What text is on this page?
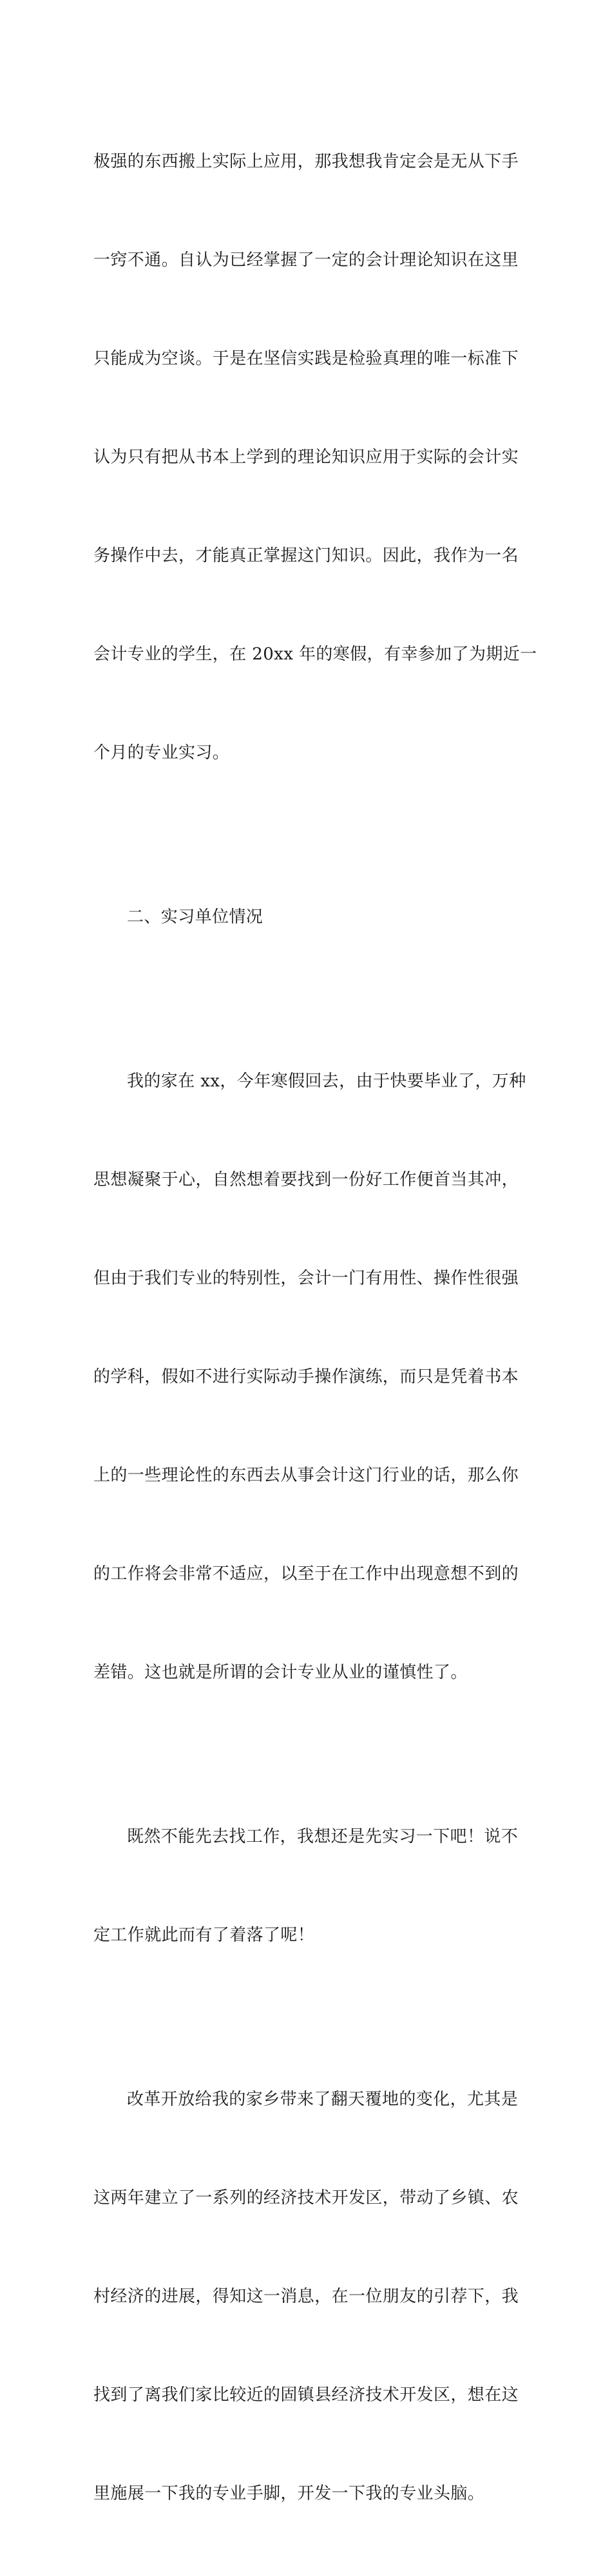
极强的东西搬上实际上应用，那我想我肯定会是无从下手

一窍不通。自认为已经掌握了一定的会计理论知识在这里

只能成为空谈。于是在坚信实践是检验真理的唯一标准下

认为只有把从书本上学到的理论知识应用于实际的会计实

务操作中去，才能真正掌握这门知识。因此，我作为一名

会计专业的学生，在 20xx 年的寒假，有幸参加了为期近一

个月的专业实习。

二、实习单位情况

我的家在 xx，今年寒假回去，由于快要毕业了，万种

思想凝聚于心，自然想着要找到一份好工作便首当其冲，

但由于我们专业的特别性，会计一门有用性、操作性很强

的学科，假如不进行实际动手操作演练，而只是凭着书本

上的一些理论性的东西去从事会计这门行业的话，那么你

的工作将会非常不适应，以至于在工作中出现意想不到的

差错。这也就是所谓的会计专业从业的谨慎性了。

既然不能先去找工作，我想还是先实习一下吧！说不

定工作就此而有了着落了呢！

改革开放给我的家乡带来了翻天覆地的变化，尤其是

这两年建立了一系列的经济技术开发区，带动了乡镇、农

村经济的进展，得知这一消息，在一位朋友的引荐下，我

找到了离我们家比较近的固镇县经济技术开发区，想在这

里施展一下我的专业手脚，开发一下我的专业头脑。
